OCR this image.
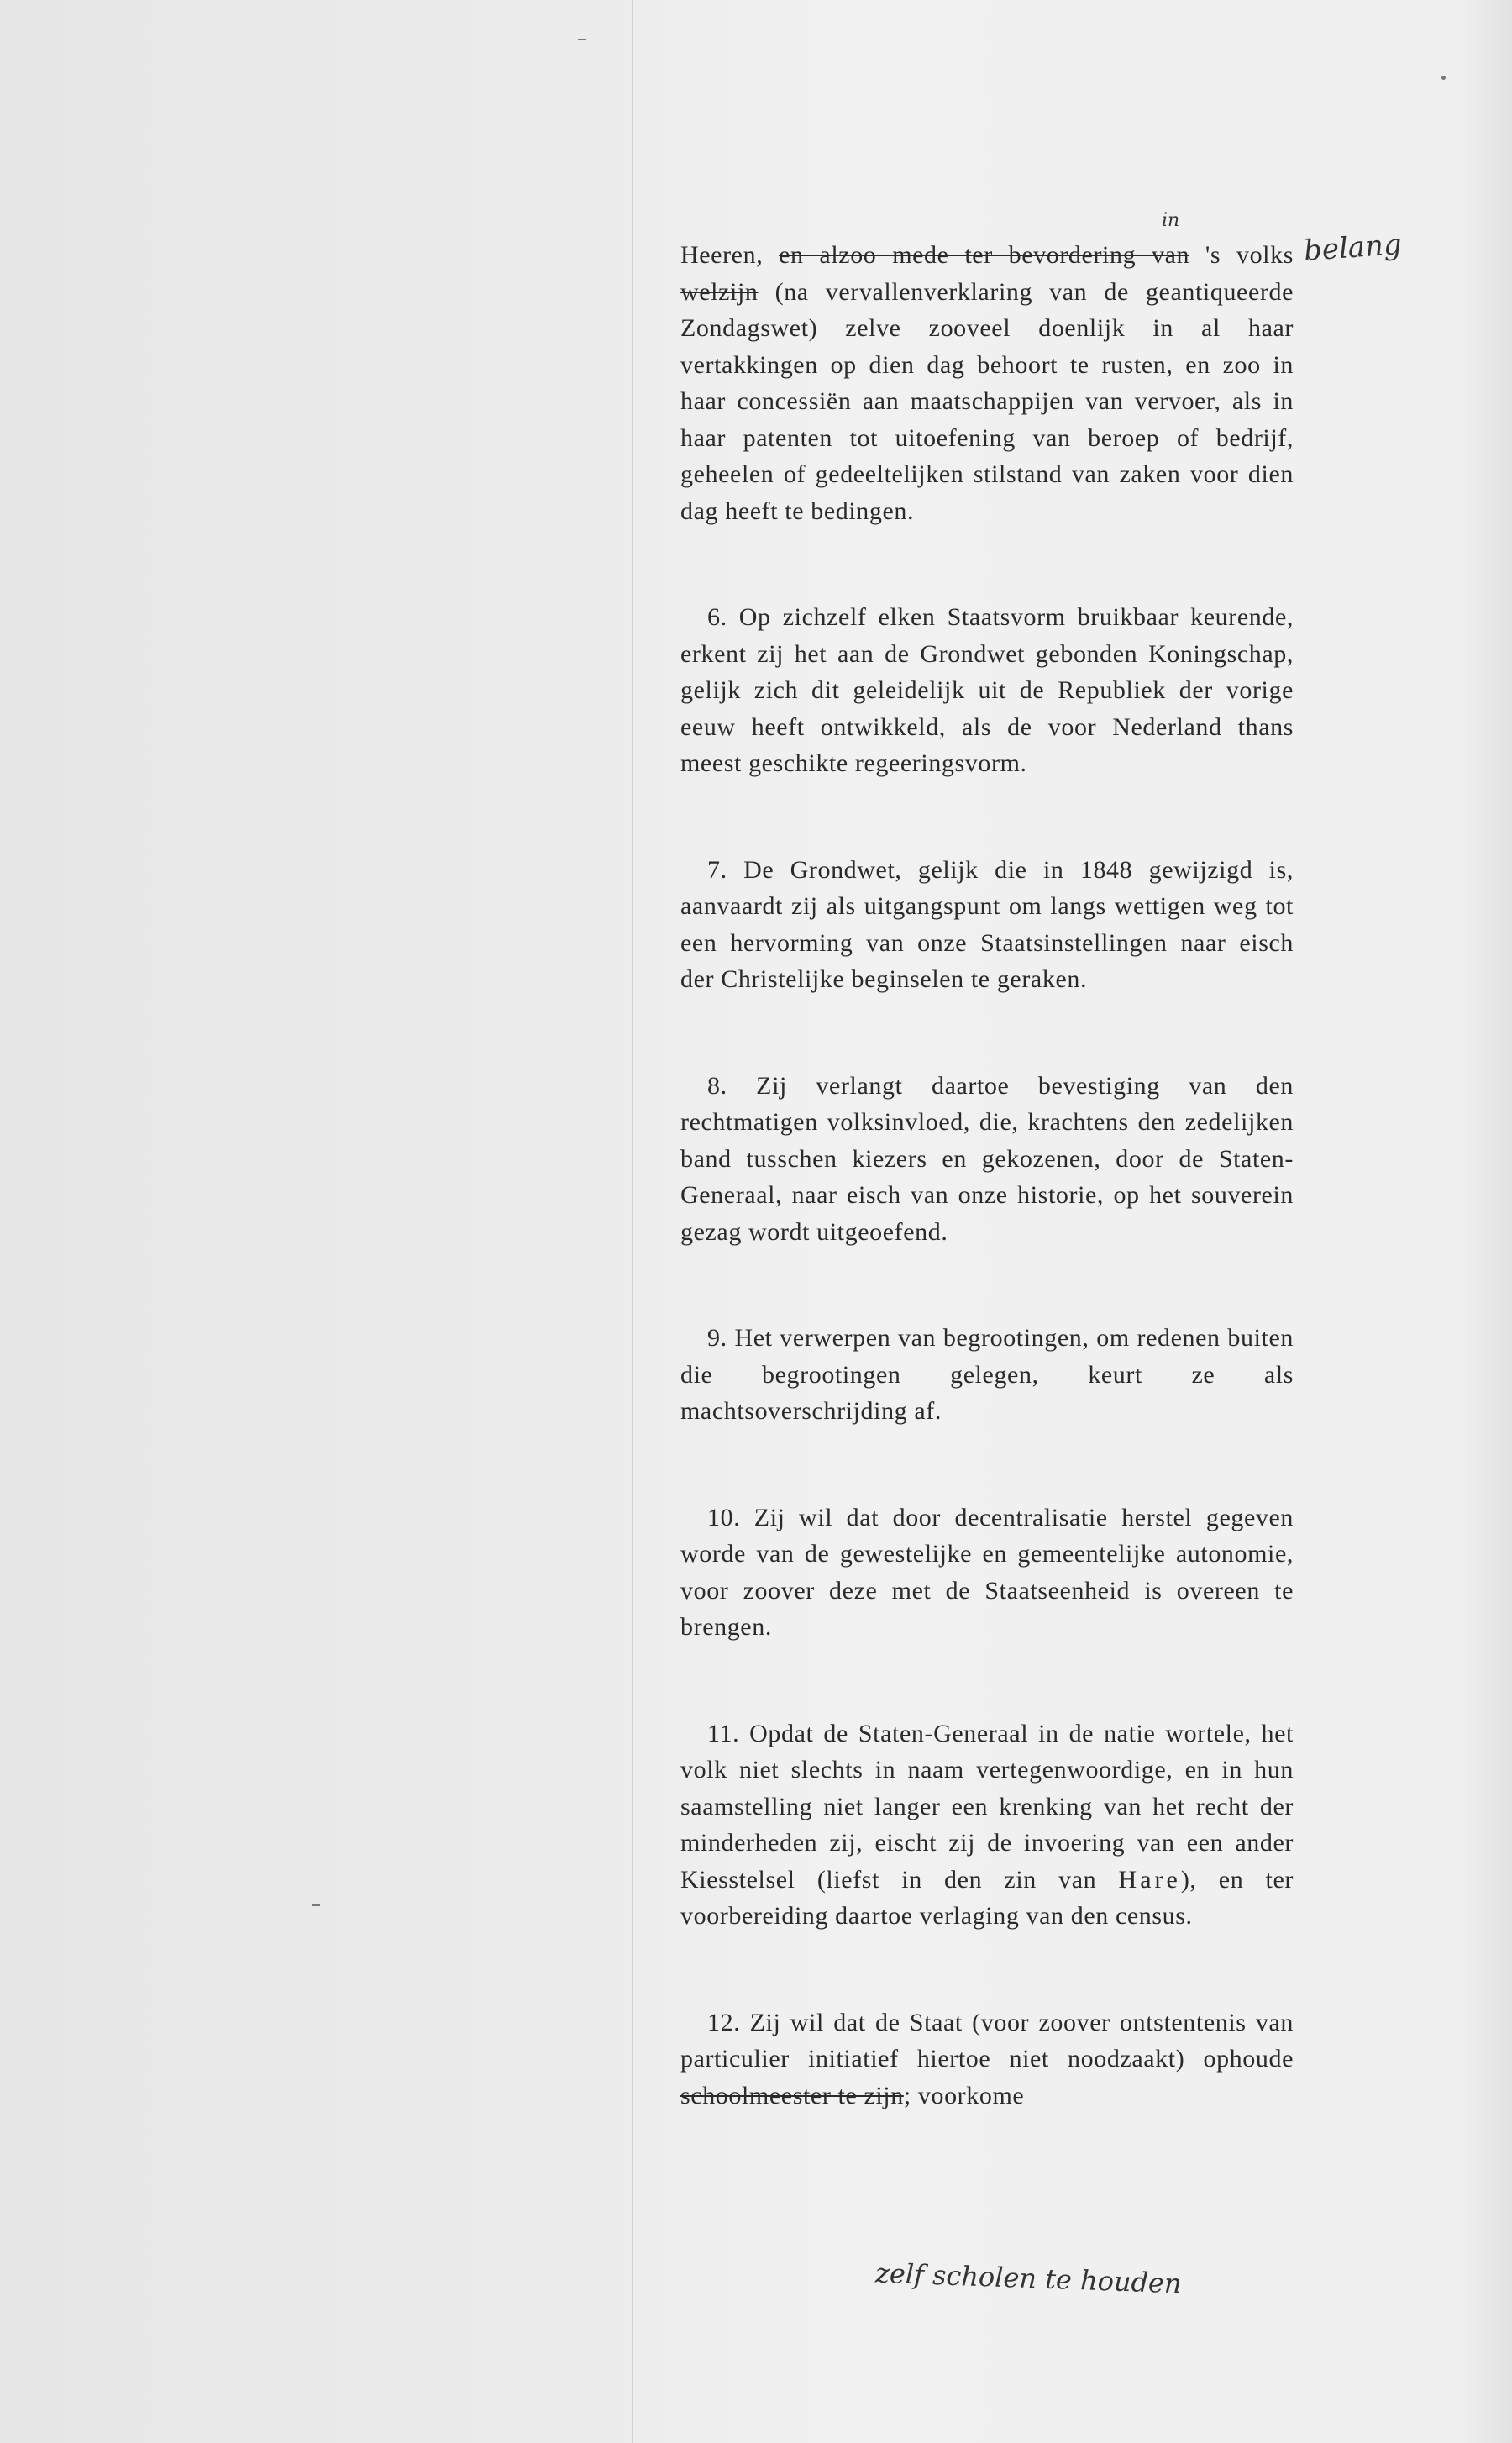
in
belang

Heeren, en alzoo mede ter bevordering van 's volks welzijn (na vervallenverklaring van de geantiqueerde Zondagswet) zelve zooveel doenlijk in al haar vertakkingen op dien dag behoort te rusten, en zoo in haar concessiën aan maatschappijen van vervoer, als in haar patenten tot uitoefening van beroep of bedrijf, geheelen of gedeeltelijken stilstand van zaken voor dien dag heeft te bedingen.

6. Op zichzelf elken Staatsvorm bruikbaar keurende, erkent zij het aan de Grondwet gebonden Koningschap, gelijk zich dit geleidelijk uit de Republiek der vorige eeuw heeft ontwikkeld, als de voor Nederland thans meest geschikte regeeringsvorm.

7. De Grondwet, gelijk die in 1848 gewijzigd is, aanvaardt zij als uitgangspunt om langs wettigen weg tot een hervorming van onze Staatsinstellingen naar eisch der Christelijke beginselen te geraken.

8. Zij verlangt daartoe bevestiging van den rechtmatigen volksinvloed, die, krachtens den zedelijken band tusschen kiezers en gekozenen, door de Staten-Generaal, naar eisch van onze historie, op het souverein gezag wordt uitgeoefend.

9. Het verwerpen van begrootingen, om redenen buiten die begrootingen gelegen, keurt ze als machtsoverschrijding af.

10. Zij wil dat door decentralisatie herstel gegeven worde van de gewestelijke en gemeentelijke autonomie, voor zoover deze met de Staatseenheid is overeen te brengen.

11. Opdat de Staten-Generaal in de natie wortele, het volk niet slechts in naam vertegenwoordige, en in hun saamstelling niet langer een krenking van het recht der minderheden zij, eischt zij de invoering van een ander Kiesstelsel (liefst in den zin van Hare), en ter voorbereiding daartoe verlaging van den census.

12. Zij wil dat de Staat (voor zoover ontstentenis van particulier initiatief hiertoe niet noodzaakt) ophoude schoolmeester te zijn; voorkome

zelf scholen te houden
